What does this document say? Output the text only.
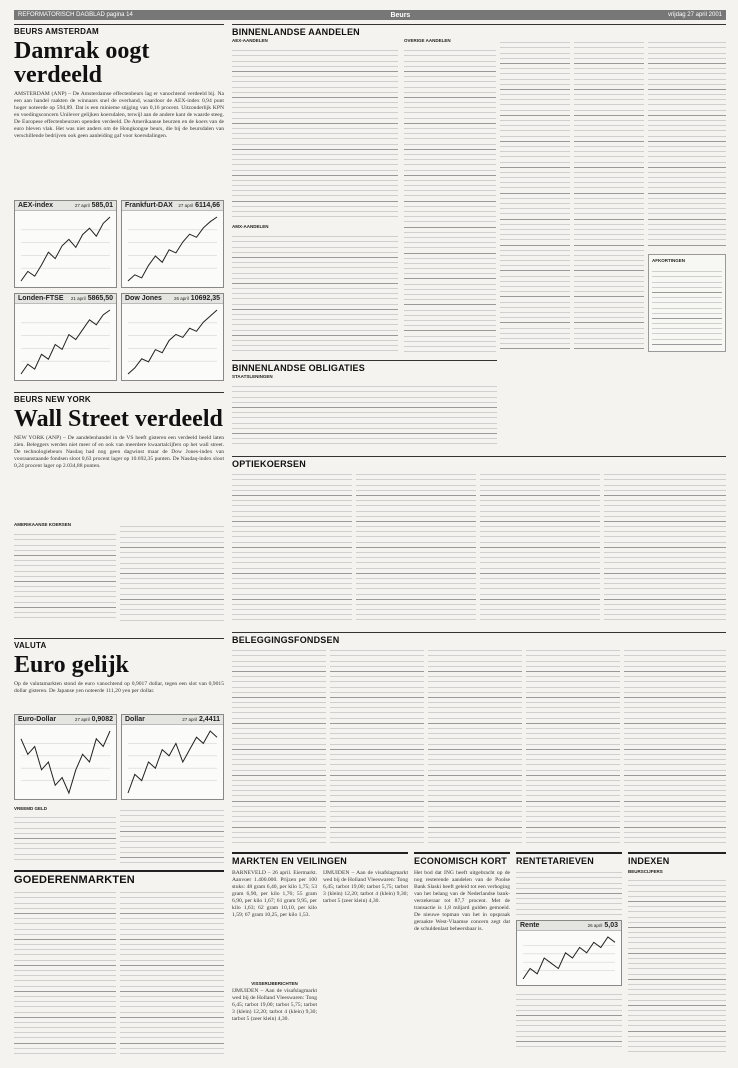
REFORMATORISCH DAGBLAD pagina 14	Beurs	vrijdag 27 april 2001
BEURS AMSTERDAM
Damrak oogt verdeeld
AMSTERDAM (ANP) – De Amsterdamse effectenbeurs lag er vanochtend verdeeld bij. Na een aan handel raakten de winnaars snel de overhand, waardoor de AEX-index 0,94 punt hoger noteerde op 594,89. Dat is een minieme stijging van 0,16 procent. Uitzonderlijk KPN en voedingsconcern Unilever gelijken koersdalen, terwijl aan de andere kant de waarde steeg. De Europese effectenbeurzen openden verdeeld. De Amerikaanse beurzen en de koers van de euro bleven vlak. Het was niet anders om de Hongkongse beurs, die bij de beursdalen van verschillende bedrijven ook geen aanleiding gaf voor koersdalingen.
AEX-index	27 april 585,01 Frankfurt-DAX 27 april 6114,66
Londen-FTSE 21 april 5865,50 Dow Jones	26 april 10692,35
BEURS NEW YORK
Wall Street verdeeld
NEW YORK (ANP) – De aandelenhandel in de VS heeft gisteren een verdeeld beeld laten zien. Beleggers werden niet meer of en ook van meerdere kwaartalcijfers op het wall street. De technologiebeurs Nasdaq had nog geen dagwinst maar de Dow Jones-index van vooraanstaande fondsen sloot 0,63 procent lager op 10.692,35 punten. De Nasdaq-index sloot 0,24 procent lager op 2.034,88 punten.
AMERIKAANSE KOERSEN
VALUTA
Euro gelijk
Op de valutamarkten stond de euro vanochtend op 0,9017 dollar, tegen een slot van 0,9015 dollar gisteren. De Japanse yen noteerde 111,20 yen per dollar.
Euro-Dollar	27 april 0,9082 Dollar	27 april 2,4411
VREEMD GELD
GOEDERENMARKTEN
BINNENLANDSE AANDELEN
AEX-AANDELEN
AMX-AANDELEN
OVERIGE AANDELEN
AFKORTINGEN
BINNENLANDSE OBLIGATIES
STAATSLENINGEN
OPTIEKOERSEN
BELEGGINGSFONDSEN
MARKTEN EN VEILINGEN
BARNEVELD – 26 april. Eiermarkt. Aanvoer 1.400.000. Prijzen per 100 stuks: 48 gram 6,40, per kilo 1,75; 53 gram 6,90, per kilo 1,76; 55 gram 6,90, per kilo 1,67; 61 gram 9,95, per kilo 1,63; 62 gram 10,10, per kilo 1,59; 67 gram 10,25, per kilo 1,53.
VISSERIJBERICHTEN
IJMUIDEN – Aan de visafslagmarkt wed bij de Holland Vleeswaren: Tong 6,45; tarbot 19,00; tarbot 5,75; tarbot 3 (klein) 12,20; tarbot 4 (klein) 9,30; tarbot 5 (zeer klein) 4,30.
IJMUIDEN – Aan de visafslagmarkt wed bij de Holland Vleeswaren: Tong 6,45; tarbot 19,00; tarbot 5,75; tarbot 3 (klein) 12,20; tarbot 4 (klein) 9,30; tarbot 5 (zeer klein) 4,30.
ECONOMISCH KORT
Het bod dat ING heeft uitgebracht op de nog resterende aandelen van de Poolse Bank Slaski heeft geleid tot een verhoging van het belang van de Nederlandse bank-verzekeraar tot 87,7 procent. Met de transactie is 1,8 miljard gulden gemoeid. De nieuwe topman van het in opspraak geraakte West-Vlaamse concern zegt dat de schuldenlast beheersbaar is.
RENTETARIEVEN
Rente	26 april 5,03
INDEXEN
BEURSCIJFERS
